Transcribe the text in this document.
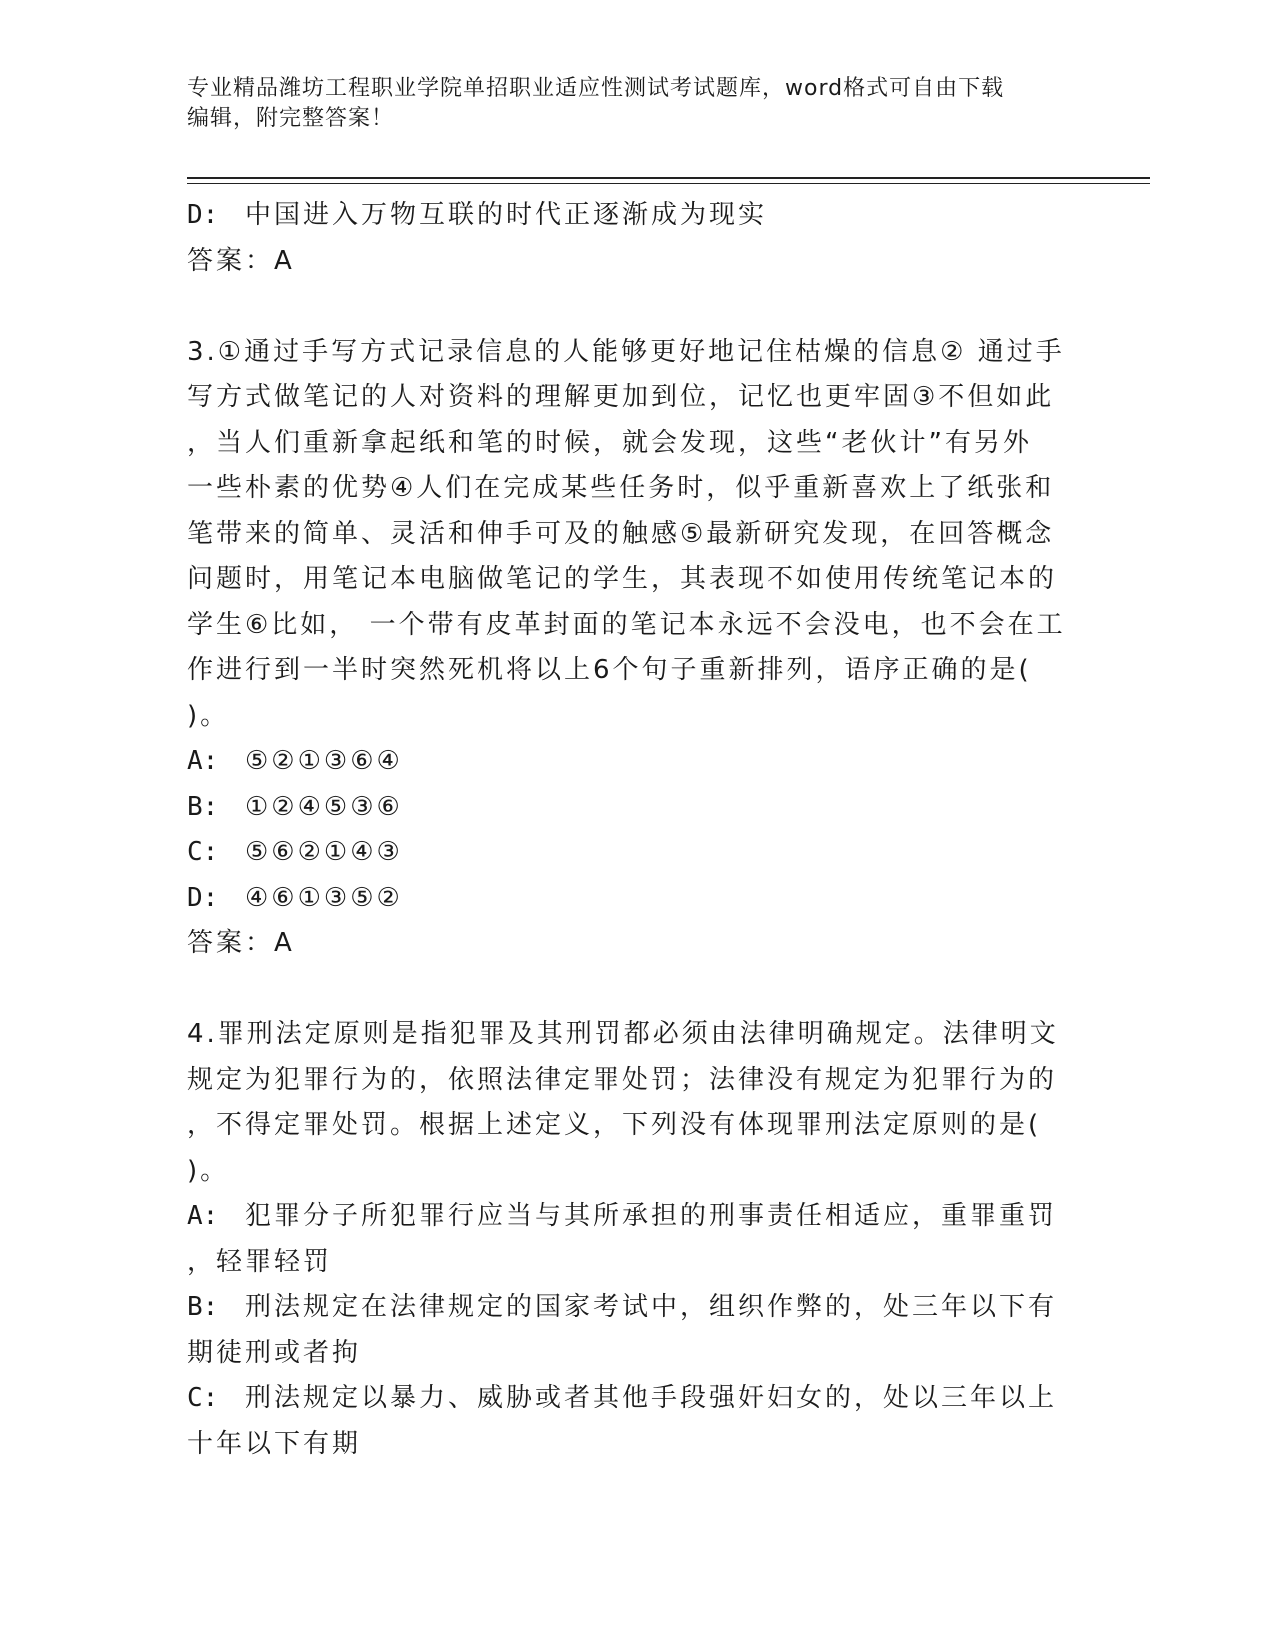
专业精品潍坊工程职业学院单招职业适应性测试考试题库，word格式可自由下载
编辑，附完整答案！
D: 中国进入万物互联的时代正逐渐成为现实
答案：A
3.①通过手写方式记录信息的人能够更好地记住枯燥的信息② 通过手
写方式做笔记的人对资料的理解更加到位，记忆也更牢固③不但如此
，当人们重新拿起纸和笔的时候，就会发现，这些“老伙计”有另外
一些朴素的优势④人们在完成某些任务时，似乎重新喜欢上了纸张和
笔带来的简单、灵活和伸手可及的触感⑤最新研究发现，在回答概念
问题时，用笔记本电脑做笔记的学生，其表现不如使用传统笔记本的
学生⑥比如， 一个带有皮革封面的笔记本永远不会没电，也不会在工
作进行到一半时突然死机将以上6个句子重新排列，语序正确的是(
)。
A: ⑤②①③⑥④
B: ①②④⑤③⑥
C: ⑤⑥②①④③
D: ④⑥①③⑤②
答案：A
4.罪刑法定原则是指犯罪及其刑罚都必须由法律明确规定。法律明文
规定为犯罪行为的，依照法律定罪处罚；法律没有规定为犯罪行为的
，不得定罪处罚。根据上述定义，下列没有体现罪刑法定原则的是(
)。
A: 犯罪分子所犯罪行应当与其所承担的刑事责任相适应，重罪重罚
，轻罪轻罚
B: 刑法规定在法律规定的国家考试中，组织作弊的，处三年以下有
期徒刑或者拘
C: 刑法规定以暴力、威胁或者其他手段强奸妇女的，处以三年以上
十年以下有期
